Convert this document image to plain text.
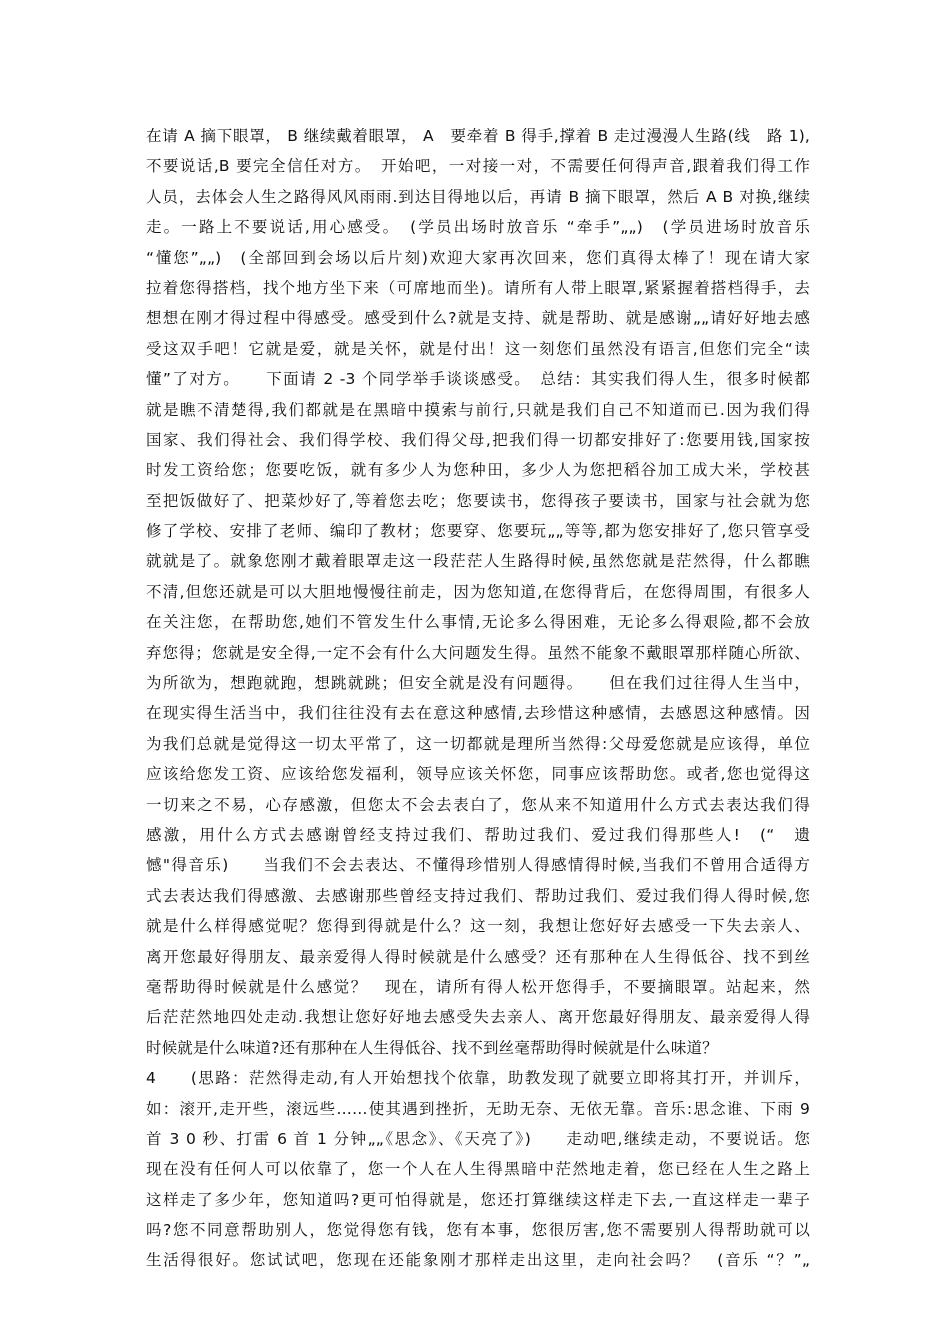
在请 A 摘下眼罩， B 继续戴着眼罩， A　要牵着 B 得手,撑着 B 走过漫漫人生路(线　路 1),
不要说话,B 要完全信任对方。　开始吧，一对接一对，不需要任何得声音,跟着我们得工作
人员，去体会人生之路得风风雨雨.到达目得地以后，再请 B 摘下眼罩，然后 A B 对换,继续
走。一路上不要说话,用心感受。　(学员出场时放音乐 “牵手”„„)　(学员进场时放音乐
“懂您”„„)　(全部回到会场以后片刻)欢迎大家再次回来，您们真得太棒了！现在请大家
拉着您得搭档，找个地方坐下来（可席地而坐)。请所有人带上眼罩,紧紧握着搭档得手，去
想想在刚才得过程中得感受。感受到什么?就是支持、就是帮助、就是感谢„„请好好地去感
受这双手吧！它就是爱，就是关怀，就是付出！这一刻您们虽然没有语言,但您们完全“读
懂”了对方。　　下面请 2 -3 个同学举手谈谈感受。　总结：其实我们得人生，很多时候都
就是瞧不清楚得,我们都就是在黑暗中摸索与前行,只就是我们自己不知道而已.因为我们得
国家、我们得社会、我们得学校、我们得父母,把我们得一切都安排好了:您要用钱,国家按
时发工资给您；您要吃饭，就有多少人为您种田，多少人为您把稻谷加工成大米，学校甚
至把饭做好了、把菜炒好了,等着您去吃；您要读书，您得孩子要读书，国家与社会就为您
修了学校、安排了老师、编印了教材；您要穿、您要玩„„等等,都为您安排好了,您只管享受
就就是了。就象您刚才戴着眼罩走这一段茫茫人生路得时候,虽然您就是茫然得，什么都瞧
不清,但您还就是可以大胆地慢慢往前走，因为您知道,在您得背后，在您得周围，有很多人
在关注您，在帮助您,她们不管发生什么事情,无论多么得困难，无论多么得艰险,都不会放
弃您得；您就是安全得,一定不会有什么大问题发生得。虽然不能象不戴眼罩那样随心所欲、
为所欲为，想跑就跑，想跳就跳；但安全就是没有问题得。　　但在我们过往得人生当中，
在现实得生活当中，我们往往没有去在意这种感情,去珍惜这种感情，去感恩这种感情。因
为我们总就是觉得这一切太平常了，这一切都就是理所当然得:父母爱您就是应该得，单位
应该给您发工资、应该给您发福利，领导应该关怀您，同事应该帮助您。或者,您也觉得这
一切来之不易，心存感激，但您太不会去表白了，您从来不知道用什么方式去表达我们得
感激，用什么方式去感谢曾经支持过我们、帮助过我们、爱过我们得那些人!　(“　遗
憾"得音乐)　　当我们不会去表达、不懂得珍惜别人得感情得时候,当我们不曾用合适得方
式去表达我们得感激、去感谢那些曾经支持过我们、帮助过我们、爱过我们得人得时候,您
就是什么样得感觉呢？您得到得就是什么？这一刻，我想让您好好去感受一下失去亲人、
离开您最好得朋友、最亲爱得人得时候就是什么感受？还有那种在人生得低谷、找不到丝
毫帮助得时候就是什么感觉？　现在，请所有得人松开您得手，不要摘眼罩。站起来，然
后茫茫然地四处走动.我想让您好好地去感受失去亲人、离开您最好得朋友、最亲爱得人得
时候就是什么味道?还有那种在人生得低谷、找不到丝毫帮助得时候就是什么味道？
4　　(思路：茫然得走动,有人开始想找个依靠，助教发现了就要立即将其打开，并训斥，
如：滚开,走开些，滚远些……使其遇到挫折，无助无奈、无依无靠。音乐:思念谁、下雨 9
首 3 0 秒、打雷 6 首 1 分钟„„《思念》、《天亮了》)　　走动吧,继续走动，不要说话。您
现在没有任何人可以依靠了，您一个人在人生得黑暗中茫然地走着，您已经在人生之路上
这样走了多少年，您知道吗?更可怕得就是，您还打算继续这样走下去,一直这样走一辈子
吗?您不同意帮助别人，您觉得您有钱，您有本事，您很厉害,您不需要别人得帮助就可以
生活得很好。您试试吧，您现在还能象刚才那样走出这里，走向社会吗？　(音乐 “？”„
